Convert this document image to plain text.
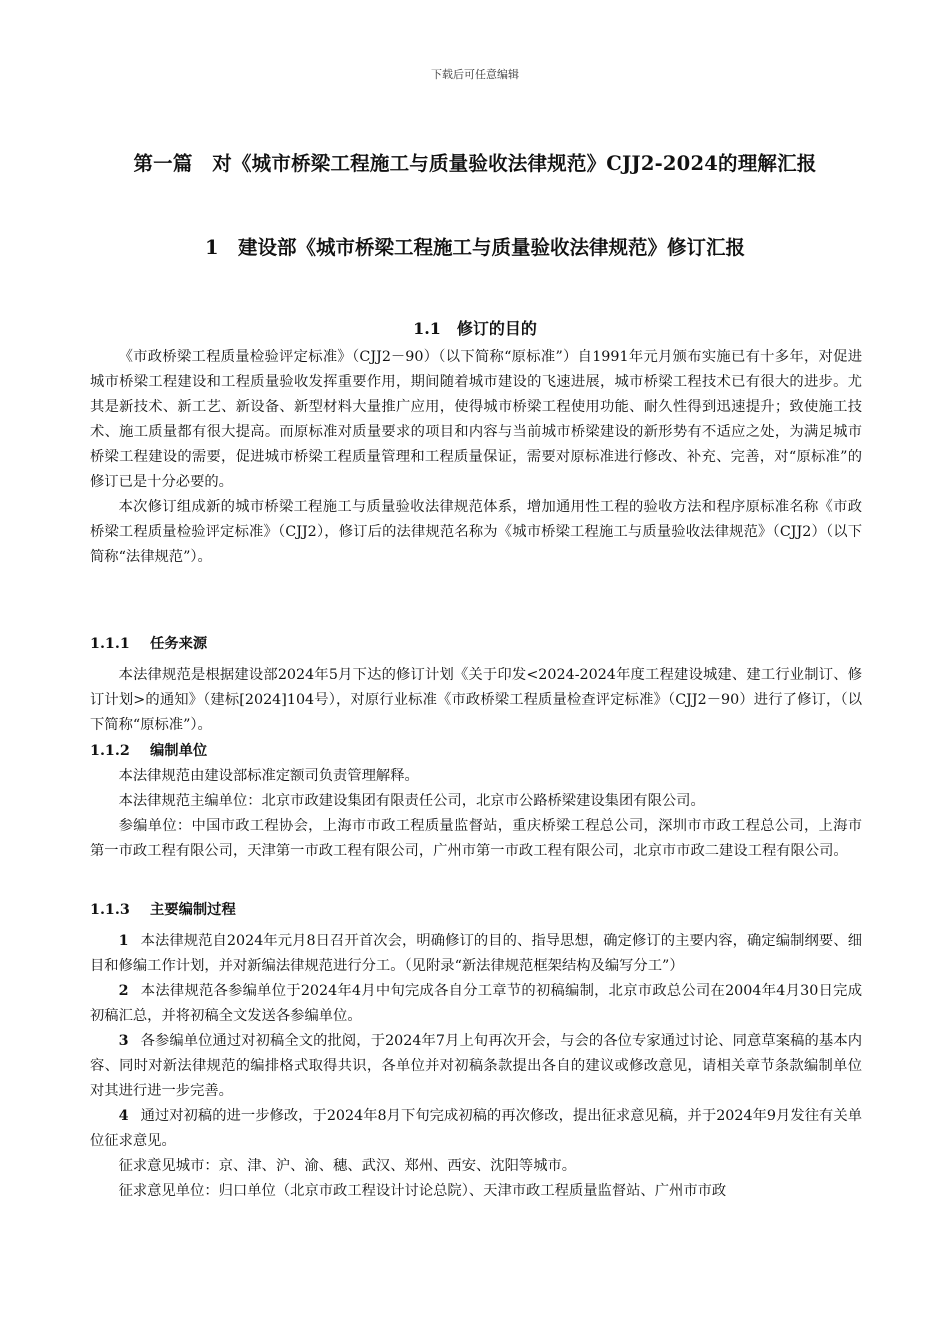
下载后可任意编辑
第一篇　对《城市桥梁工程施工与质量验收法律规范》CJJ2-2024的理解汇报
1　建设部《城市桥梁工程施工与质量验收法律规范》修订汇报
1.1　修订的目的

《市政桥梁工程质量检验评定标准》（CJJ2－90）（以下简称“原标准”）自1991年元月颁布实施已有十多年，对促进城市桥梁工程建设和工程质量验收发挥重要作用，期间随着城市建设的飞速进展，城市桥梁工程技术已有很大的进步。尤其是新技术、新工艺、新设备、新型材料大量推广应用，使得城市桥梁工程使用功能、耐久性得到迅速提升；致使施工技术、施工质量都有很大提高。而原标准对质量要求的项目和内容与当前城市桥梁建设的新形势有不适应之处，为满足城市桥梁工程建设的需要，促进城市桥梁工程质量管理和工程质量保证，需要对原标准进行修改、补充、完善，对“原标准”的修订已是十分必要的。

本次修订组成新的城市桥梁工程施工与质量验收法律规范体系，增加通用性工程的验收方法和程序原标准名称《市政桥梁工程质量检验评定标准》（CJJ2），修订后的法律规范名称为《城市桥梁工程施工与质量验收法律规范》（CJJ2）（以下简称“法律规范”）。

1.1.1 任务来源

本法律规范是根据建设部2024年5月下达的修订计划《关于印发<2024-2024年度工程建设城建、建工行业制订、修订计划>的通知》（建标[2024]104号），对原行业标准《市政桥梁工程质量检查评定标准》（CJJ2－90）进行了修订，（以下简称“原标准”）。

1.1.2 编制单位

本法律规范由建设部标准定额司负责管理解释。

本法律规范主编单位：北京市政建设集团有限责任公司，北京市公路桥梁建设集团有限公司。

参编单位：中国市政工程协会，上海市市政工程质量监督站，重庆桥梁工程总公司，深圳市市政工程总公司，上海市第一市政工程有限公司，天津第一市政工程有限公司，广州市第一市政工程有限公司，北京市市政二建设工程有限公司。

1.1.3 主要编制过程

1 本法律规范自2024年元月8日召开首次会，明确修订的目的、指导思想，确定修订的主要内容，确定编制纲要、细目和修编工作计划，并对新编法律规范进行分工。（见附录“新法律规范框架结构及编写分工”）

2 本法律规范各参编单位于2024年4月中旬完成各自分工章节的初稿编制，北京市政总公司在2004年4月30日完成初稿汇总，并将初稿全文发送各参编单位。

3 各参编单位通过对初稿全文的批阅，于2024年7月上旬再次开会，与会的各位专家通过讨论、同意草案稿的基本内容、同时对新法律规范的编排格式取得共识，各单位并对初稿条款提出各自的建议或修改意见，请相关章节条款编制单位对其进行进一步完善。

4 通过对初稿的进一步修改，于2024年8月下旬完成初稿的再次修改，提出征求意见稿，并于2024年9月发往有关单位征求意见。

征求意见城市：京、津、沪、渝、穗、武汉、郑州、西安、沈阳等城市。

征求意见单位：归口单位（北京市政工程设计讨论总院）、天津市政工程质量监督站、广州市市政
